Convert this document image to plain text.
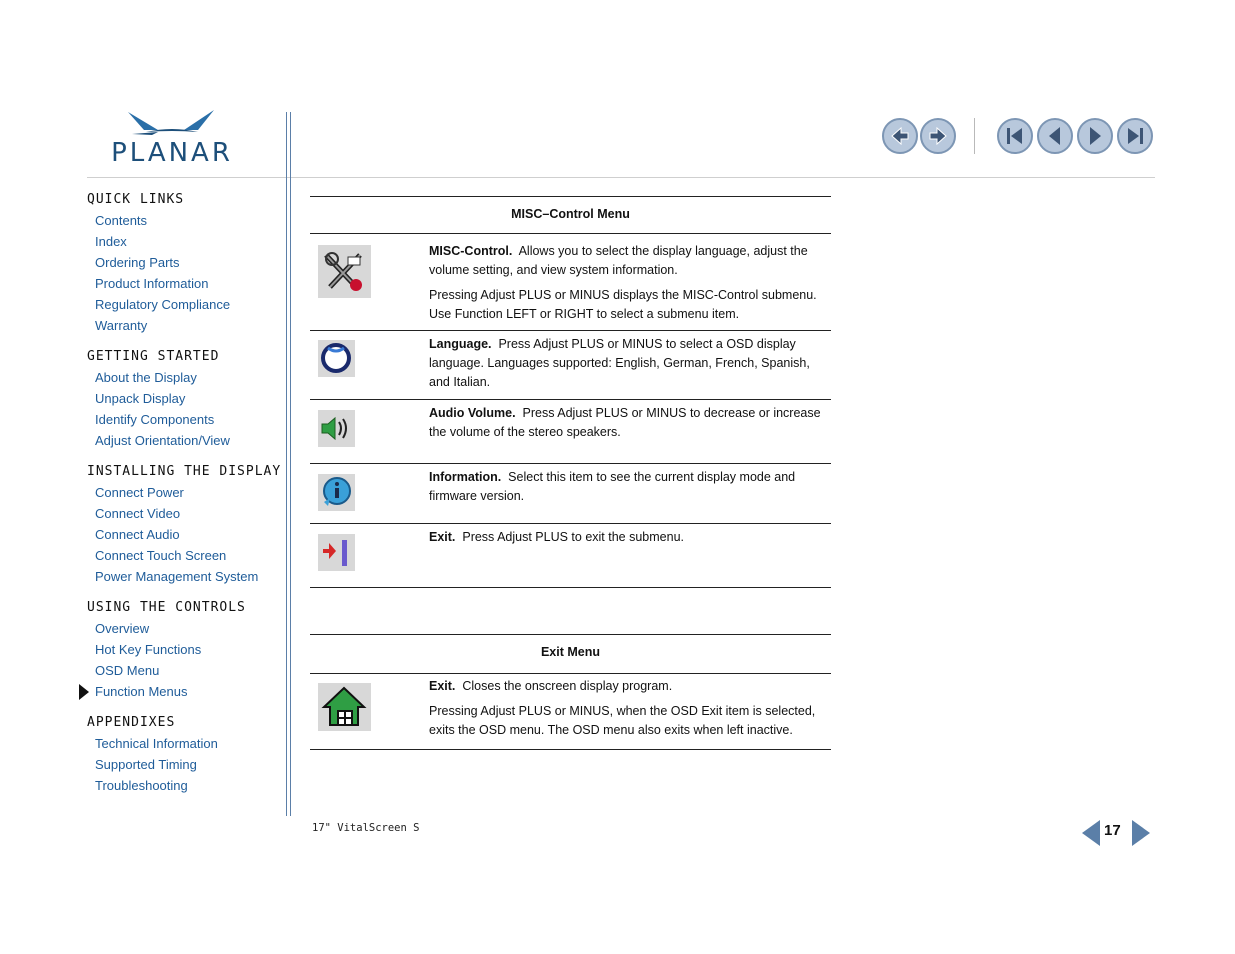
PLANAR
QUICK LINKS
Contents
Index
Ordering Parts
Product Information
Regulatory Compliance
Warranty
GETTING STARTED
About the Display
Unpack Display
Identify Components
Adjust Orientation/View
INSTALLING THE DISPLAY
Connect Power
Connect Video
Connect Audio
Connect Touch Screen
Power Management System
USING THE CONTROLS
Overview
Hot Key Functions
OSD Menu
Function Menus
APPENDIXES
Technical Information
Supported Timing
Troubleshooting
MISC–Control Menu

MISC-Control. Allows you to select the display language, adjust the volume setting, and view system information.

Pressing Adjust PLUS or MINUS displays the MISC-Control submenu. Use Function LEFT or RIGHT to select a submenu item.

Language. Press Adjust PLUS or MINUS to select a OSD display language. Languages supported: English, German, French, Spanish, and Italian.

Audio Volume. Press Adjust PLUS or MINUS to decrease or increase the volume of the stereo speakers.

Information. Select this item to see the current display mode and firmware version.

Exit. Press Adjust PLUS to exit the submenu.

Exit Menu

Exit. Closes the onscreen display program.

Pressing Adjust PLUS or MINUS, when the OSD Exit item is selected, exits the OSD menu. The OSD menu also exits when left inactive.

17" VitalScreen S	17
